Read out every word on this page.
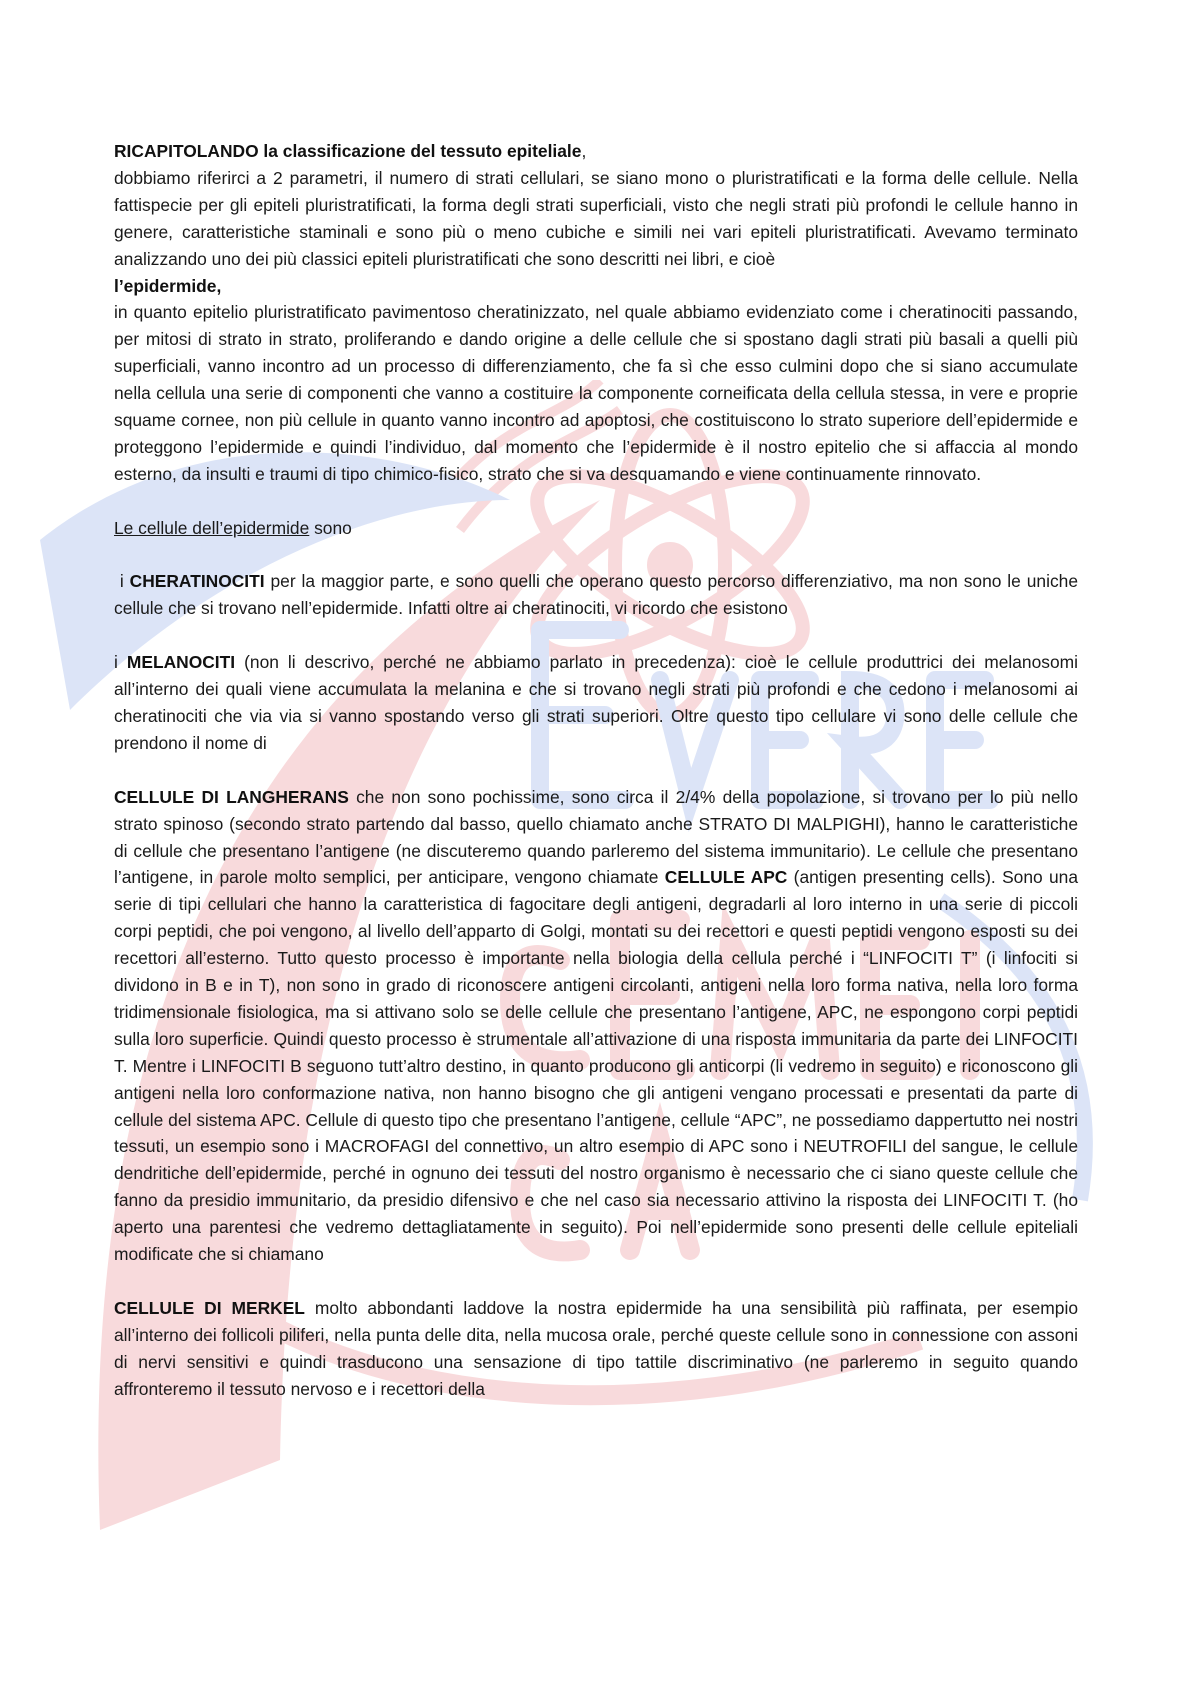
RICAPITOLANDO la classificazione del tessuto epiteliale,

dobbiamo riferirci a 2 parametri, il numero di strati cellulari, se siano mono o pluristratificati e la forma delle cellule. Nella fattispecie per gli epiteli pluristratificati, la forma degli strati superficiali, visto che negli strati più profondi le cellule hanno in genere, caratteristiche staminali e sono più o meno cubiche e simili nei vari epiteli pluristratificati. Avevamo terminato analizzando uno dei più classici epiteli pluristratificati che sono descritti nei libri, e cioè

l’epidermide,

in quanto epitelio pluristratificato pavimentoso cheratinizzato, nel quale abbiamo evidenziato come i cheratinociti passando, per mitosi di strato in strato, proliferando e dando origine a delle cellule che si spostano dagli strati più basali a quelli più superficiali, vanno incontro ad un processo di differenziamento, che fa sì che esso culmini dopo che si siano accumulate nella cellula una serie di componenti che vanno a costituire la componente corneificata della cellula stessa, in vere e proprie squame cornee, non più cellule in quanto vanno incontro ad apoptosi, che costituiscono lo strato superiore dell’epidermide e proteggono l’epidermide e quindi l’individuo, dal momento che l’epidermide è il nostro epitelio che si affaccia al mondo esterno, da insulti e traumi di tipo chimico-fisico, strato che si va desquamando e viene continuamente rinnovato.

Le cellule dell’epidermide sono

i CHERATINOCITI per la maggior parte, e sono quelli che operano questo percorso differenziativo, ma non sono le uniche cellule che si trovano nell’epidermide. Infatti oltre ai cheratinociti, vi ricordo che esistono

i MELANOCITI (non li descrivo, perché ne abbiamo parlato in precedenza): cioè le cellule produttrici dei melanosomi all’interno dei quali viene accumulata la melanina e che si trovano negli strati più profondi e che cedono i melanosomi ai cheratinociti che via via si vanno spostando verso gli strati superiori. Oltre questo tipo cellulare vi sono delle cellule che prendono il nome di

CELLULE DI LANGHERANS che non sono pochissime, sono circa il 2/4% della popolazione, si trovano per lo più nello strato spinoso (secondo strato partendo dal basso, quello chiamato anche STRATO DI MALPIGHI), hanno le caratteristiche di cellule che presentano l’antigene (ne discuteremo quando parleremo del sistema immunitario). Le cellule che presentano l’antigene, in parole molto semplici, per anticipare, vengono chiamate CELLULE APC (antigen presenting cells). Sono una serie di tipi cellulari che hanno la caratteristica di fagocitare degli antigeni, degradarli al loro interno in una serie di piccoli corpi peptidi, che poi vengono, al livello dell’apparto di Golgi, montati su dei recettori e questi peptidi vengono esposti su dei recettori all’esterno. Tutto questo processo è importante nella biologia della cellula perché i “LINFOCITI T” (i linfociti si dividono in B e in T), non sono in grado di riconoscere antigeni circolanti, antigeni nella loro forma nativa, nella loro forma tridimensionale fisiologica, ma si attivano solo se delle cellule che presentano l’antigene, APC, ne espongono corpi peptidi sulla loro superficie. Quindi questo processo è strumentale all’attivazione di una risposta immunitaria da parte dei LINFOCITI T. Mentre i LINFOCITI B seguono tutt’altro destino, in quanto producono gli anticorpi (li vedremo in seguito) e riconoscono gli antigeni nella loro conformazione nativa, non hanno bisogno che gli antigeni vengano processati e presentati da parte di cellule del sistema APC. Cellule di questo tipo che presentano l’antigene, cellule “APC”, ne possediamo dappertutto nei nostri tessuti, un esempio sono i MACROFAGI del connettivo, un altro esempio di APC sono i NEUTROFILI del sangue, le cellule dendritiche dell’epidermide, perché in ognuno dei tessuti del nostro organismo è necessario che ci siano queste cellule che fanno da presidio immunitario, da presidio difensivo e che nel caso sia necessario attivino la risposta dei LINFOCITI T. (ho aperto una parentesi che vedremo dettagliatamente in seguito). Poi nell’epidermide sono presenti delle cellule epiteliali modificate che si chiamano

CELLULE DI MERKEL molto abbondanti laddove la nostra epidermide ha una sensibilità più raffinata, per esempio all’interno dei follicoli piliferi, nella punta delle dita, nella mucosa orale, perché queste cellule sono in connessione con assoni di nervi sensitivi e quindi trasducono una sensazione di tipo tattile discriminativo (ne parleremo in seguito quando affronteremo il tessuto nervoso e i recettori della
